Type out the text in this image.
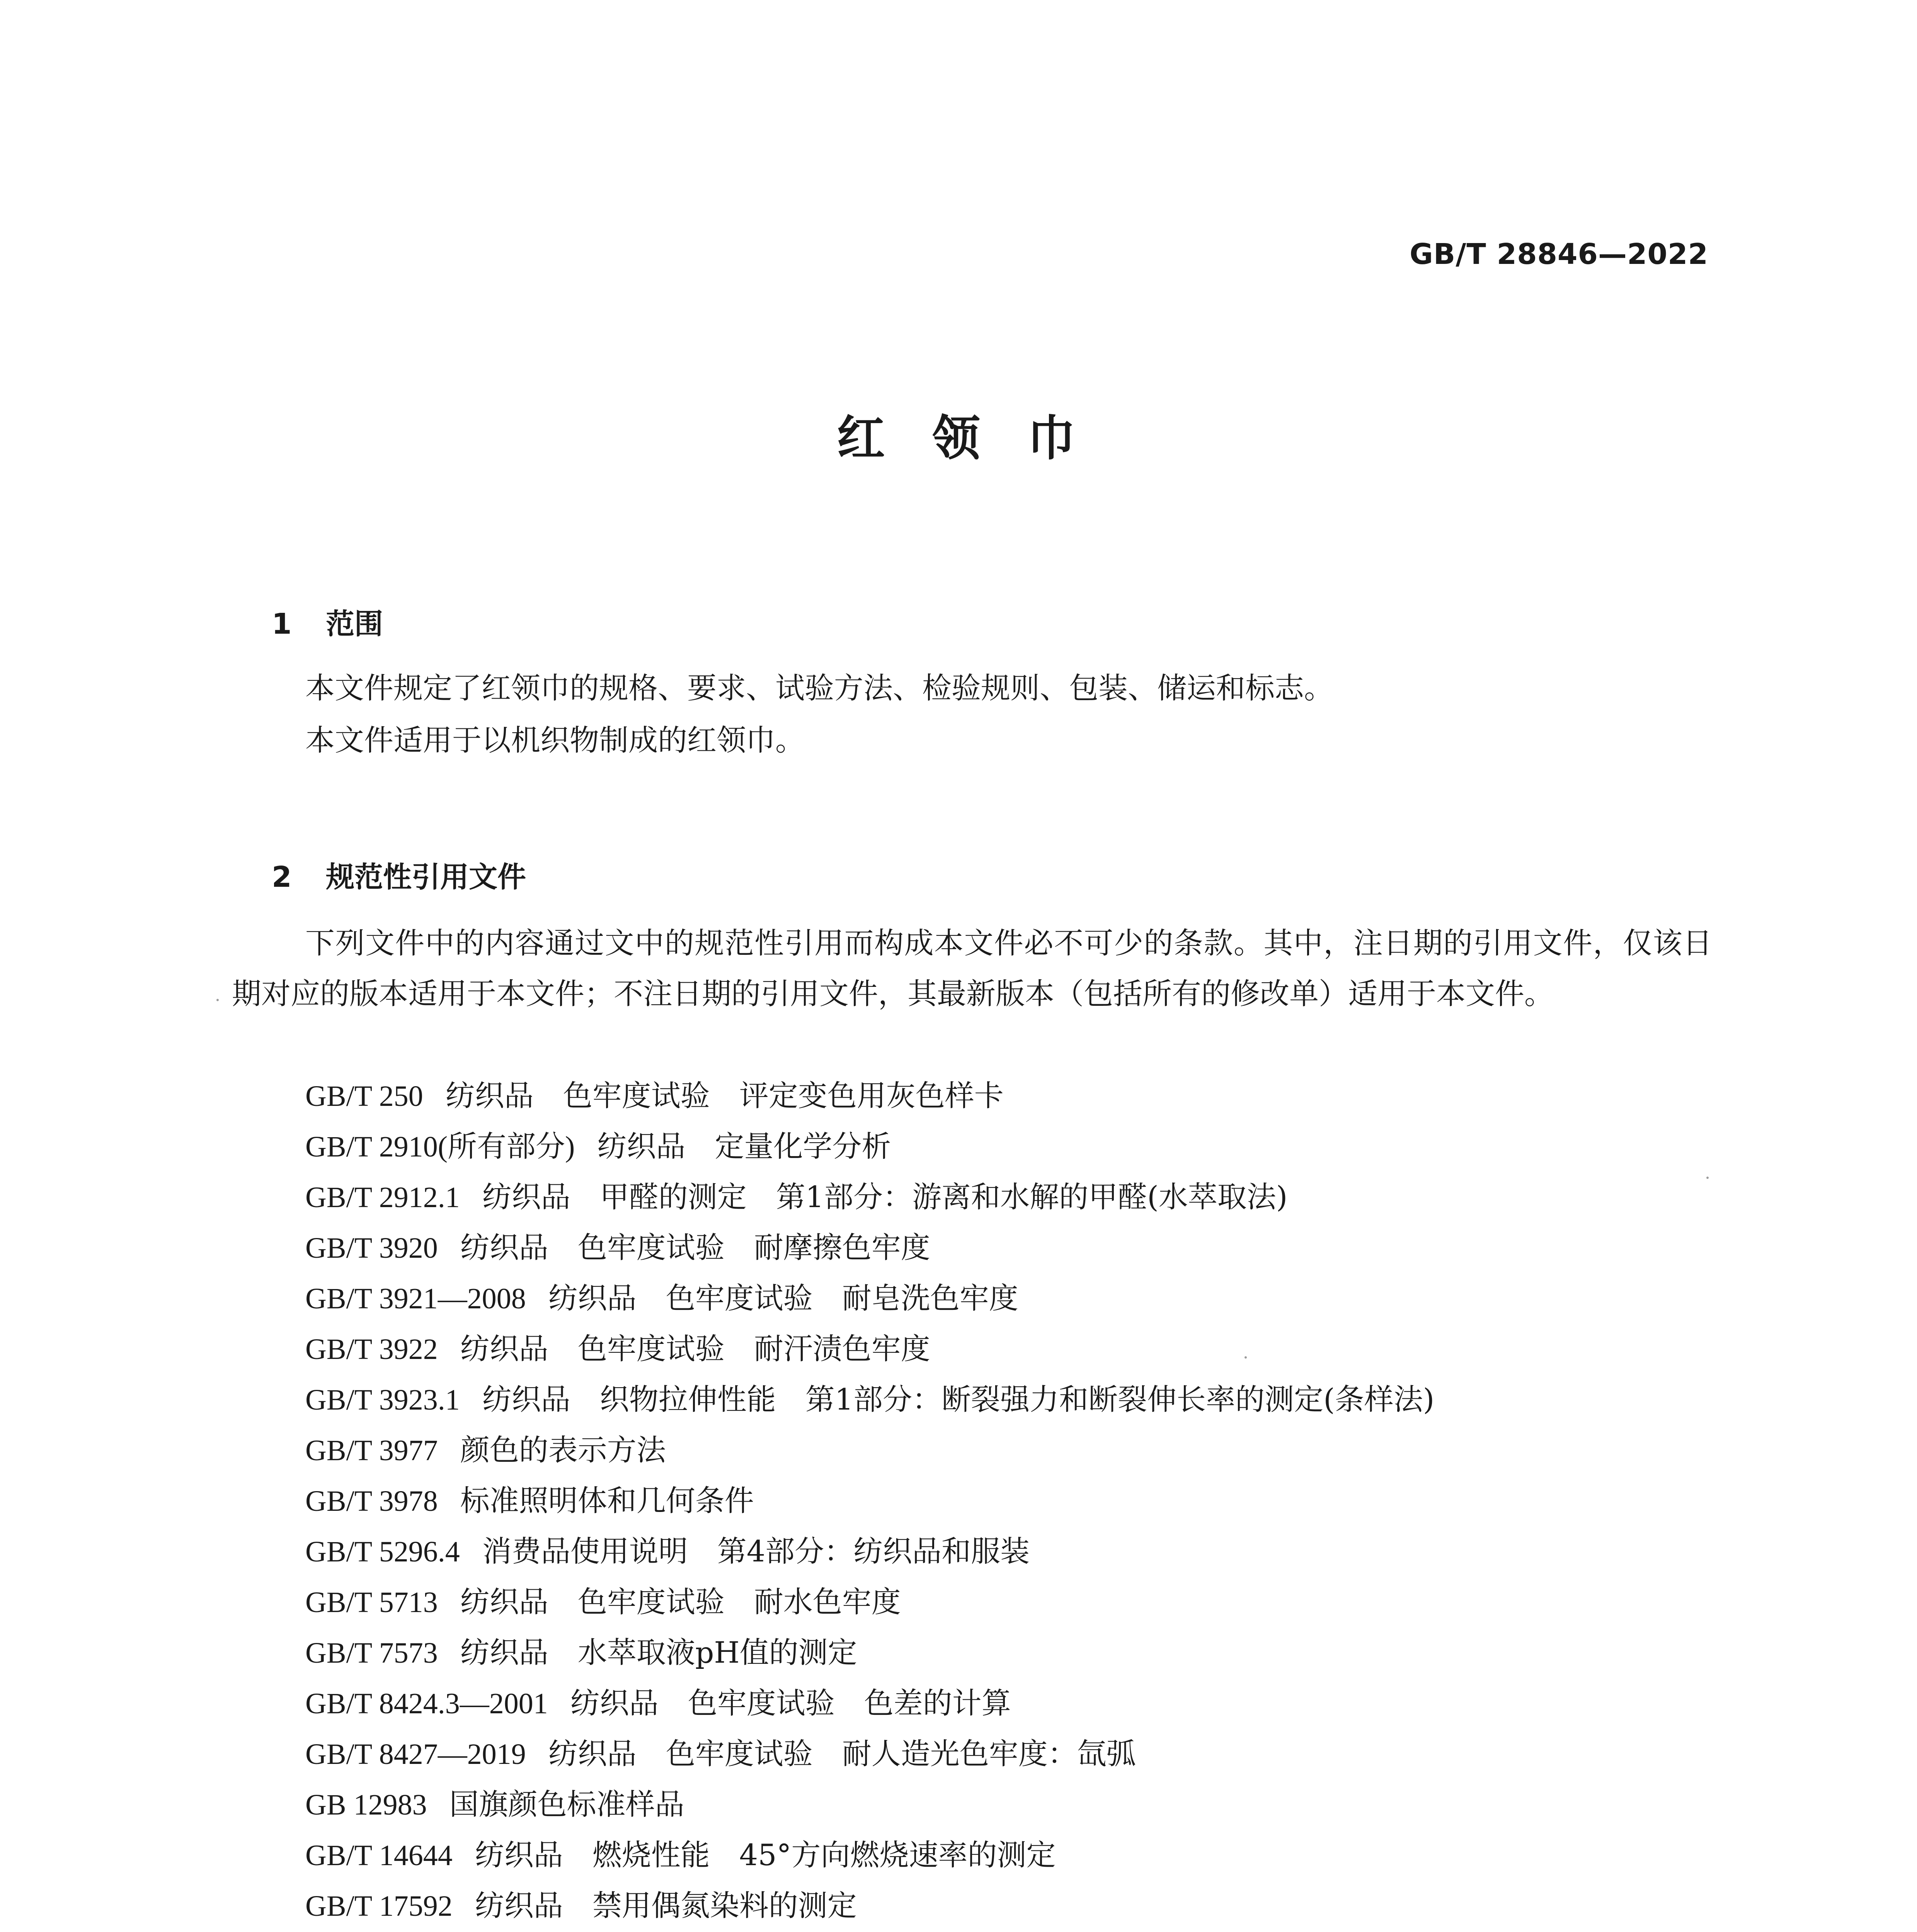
GB/T 28846—2022
红  领  巾

1 范围

本文件规定了红领巾的规格、要求、试验方法、检验规则、包装、储运和标志。
本文件适用于以机织物制成的红领巾。

2 规范性引用文件

下列文件中的内容通过文中的规范性引用而构成本文件必不可少的条款。其中，注日期的引用文件，仅该日期对应的版本适用于本文件；不注日期的引用文件，其最新版本（包括所有的修改单）适用于本文件。
GB/T 250 纺织品　色牢度试验　评定变色用灰色样卡
GB/T 2910(所有部分) 纺织品　定量化学分析
GB/T 2912.1 纺织品　甲醛的测定　第1部分：游离和水解的甲醛(水萃取法)
GB/T 3920 纺织品　色牢度试验　耐摩擦色牢度
GB/T 3921—2008 纺织品　色牢度试验　耐皂洗色牢度
GB/T 3922 纺织品　色牢度试验　耐汗渍色牢度
GB/T 3923.1 纺织品　织物拉伸性能　第1部分：断裂强力和断裂伸长率的测定(条样法)
GB/T 3977 颜色的表示方法
GB/T 3978 标准照明体和几何条件
GB/T 5296.4 消费品使用说明　第4部分：纺织品和服装
GB/T 5713 纺织品　色牢度试验　耐水色牢度
GB/T 7573 纺织品　水萃取液pH值的测定
GB/T 8424.3—2001 纺织品　色牢度试验　色差的计算
GB/T 8427—2019 纺织品　色牢度试验　耐人造光色牢度：氙弧
GB 12983 国旗颜色标准样品
GB/T 14644 纺织品　燃烧性能　45°方向燃烧速率的测定
GB/T 17592 纺织品　禁用偶氮染料的测定
